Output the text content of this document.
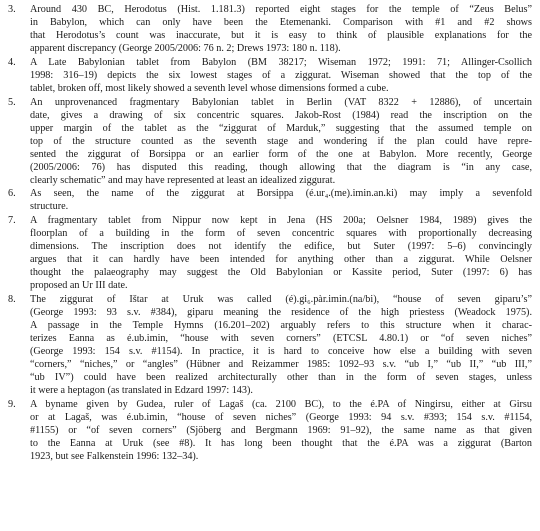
3.	Around 430 BC, Herodotus (Hist. 1.181.3) reported eight stages for the temple of “Zeus Belus”
in Babylon, which can only have been the Etemenanki. Comparison with #1 and #2 shows
that Herodotus’s count was inaccurate, but it is easy to think of plausible explanations for the
apparent discrepancy (George 2005/2006: 76 n. 2; Drews 1973: 180 n. 118).
4.	A Late Babylonian tablet from Babylon (BM 38217; Wiseman 1972; 1991: 71; Allinger-Csollich
1998: 316–19) depicts the six lowest stages of a ziggurat. Wiseman showed that the top of the
tablet, broken off, most likely showed a seventh level whose dimensions formed a cube.
5.	An unprovenanced fragmentary Babylonian tablet in Berlin (VAT 8322 + 12886), of uncertain
date, gives a drawing of six concentric squares. Jakob-Rost (1984) read the inscription on the
upper margin of the tablet as the “ziggurat of Marduk,” suggesting that the assumed temple on
top of the structure counted as the seventh stage and wondering if the plan could have repre-
sented the ziggurat of Borsippa or an earlier form of the one at Babylon. More recently, George
(2005/2006: 76) has disputed this reading, though allowing that the diagram is “in any case,
clearly schematic” and may have represented at least an idealized ziggurat.
6.	As seen, the name of the ziggurat at Borsippa (é.ur₄.(me).imin.an.ki) may imply a sevenfold
structure.
7.	A fragmentary tablet from Nippur now kept in Jena (HS 200a; Oelsner 1984, 1989) gives the
floorplan of a building in the form of seven concentric squares with proportionally decreasing
dimensions. The inscription does not identify the edifice, but Suter (1997: 5–6) convincingly
argues that it can hardly have been intended for anything other than a ziggurat. While Oelsner
thought the palaeography may suggest the Old Babylonian or Kassite period, Suter (1997: 6) has
proposed an Ur III date.
8.	The ziggurat of Ištar at Uruk was called (é).gi₆.pàr.imin.(na/bi), “house of seven giparu’s”
(George 1993: 93 s.v. #384), giparu meaning the residence of the high priestess (Weadock 1975).
A passage in the Temple Hymns (16.201–202) arguably refers to this structure when it charac-
terizes Eanna as é.ub.imin, “house with seven corners” (ETCSL 4.80.1) or “of seven niches”
(George 1993: 154 s.v. #1154). In practice, it is hard to conceive how else a building with seven
“corners,” “niches,” or “angles” (Hübner and Reizammer 1985: 1092–93 s.v. “ub I,” “ub II,” “ub III,”
“ub IV”) could have been realized architecturally other than in the form of seven stages, unless
it were a heptagon (as translated in Edzard 1997: 143).
9.	A byname given by Gudea, ruler of Lagaš (ca. 2100 BC), to the é.PA of Ningirsu, either at Girsu
or at Lagaš, was é.ub.imin, “house of seven niches” (George 1993: 94 s.v. #393; 154 s.v. #1154,
#1155) or “of seven corners” (Sjöberg and Bergmann 1969: 91–92), the same name as that given
to the Eanna at Uruk (see #8). It has long been thought that the é.PA was a ziggurat (Barton
1923, but see Falkenstein 1996: 132–34).
